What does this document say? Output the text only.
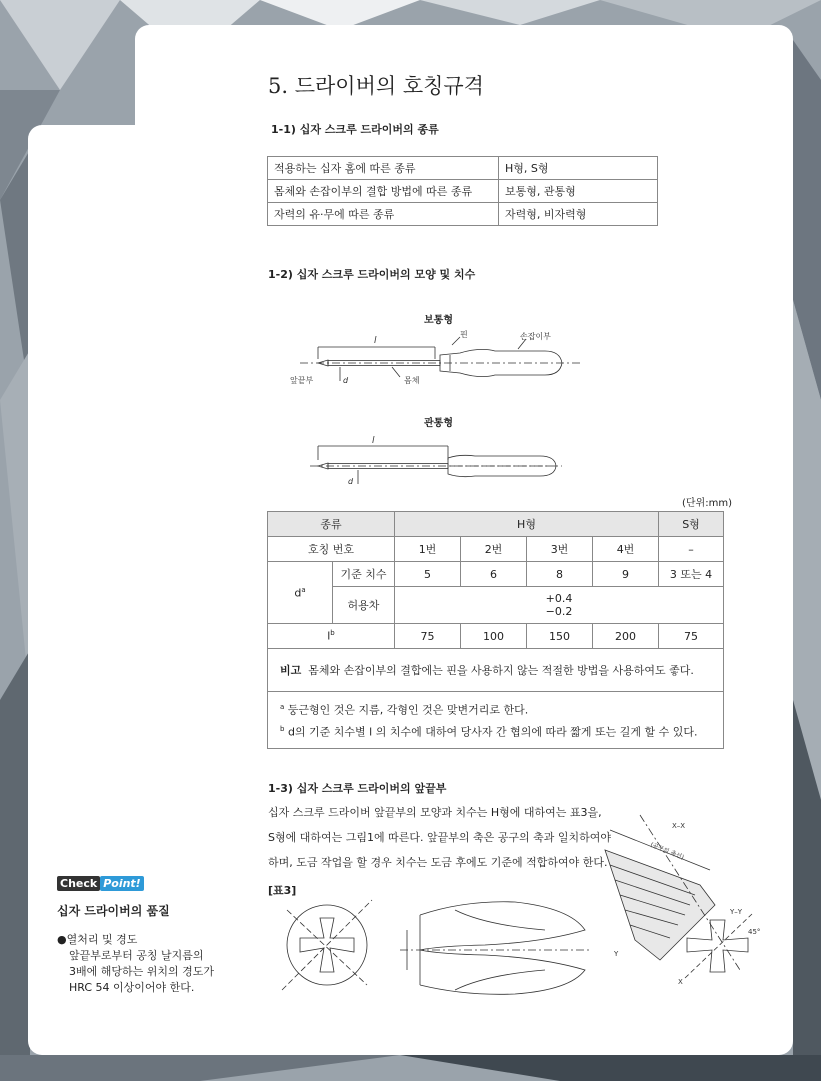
5. 드라이버의 호칭규격
1-1) 십자 스크루 드라이버의 종류
적용하는 십자 홈에 따른 종류	H형, S형
몸체와 손잡이부의 결합 방법에 따른 종류	보통형, 관통형
자력의 유·무에 따른 종류	자력형, 비자력형
1-2) 십자 스크루 드라이버의 모양 및 치수
보통형
l
핀	손잡이부
앞끝부	몸체
d
관통형
l
d
(단위:mm)
종류		H형				S형
호칭 번호		1번	2번	3번	4번	–
$d^a$	기준 치수	5	6	8	9	3 또는 4
	허용차	+0.4
−0.2				

$l^b$		75	100	150	200	75
비고 몸체와 손잡이부의 결합에는 핀을 사용하지 않는 적절한 방법을 사용하여도 좋다.						

$^a$ 둥근형인 것은 지름, 각형인 것은 맞변거리로 한다.
$^b$ d의 기준 치수별 l 의 치수에 대하여 당사자 간 협의에 따라 짧게 또는 길게 할 수 있다.						
1-3) 십자 스크루 드라이버의 앞끝부
십자 스크루 드라이버 앞끝부의 모양과 치수는 H형에 대하여는 표3을,
S형에 대하여는 그림1에 따른다. 앞끝부의 축은 공구의 축과 일치하여야
하며, 도금 작업을 할 경우 치수는 도금 후에도 기준에 적합하여야 한다.
[표3]
X–X
(공구의 축선)
Y–Y
45°
X
Y
Check Point!
십자 드라이버의 품질
●열처리 및 경도
앞끝부로부터 공칭 날지름의
3배에 해당하는 위치의 경도가
HRC 54 이상이어야 한다.
